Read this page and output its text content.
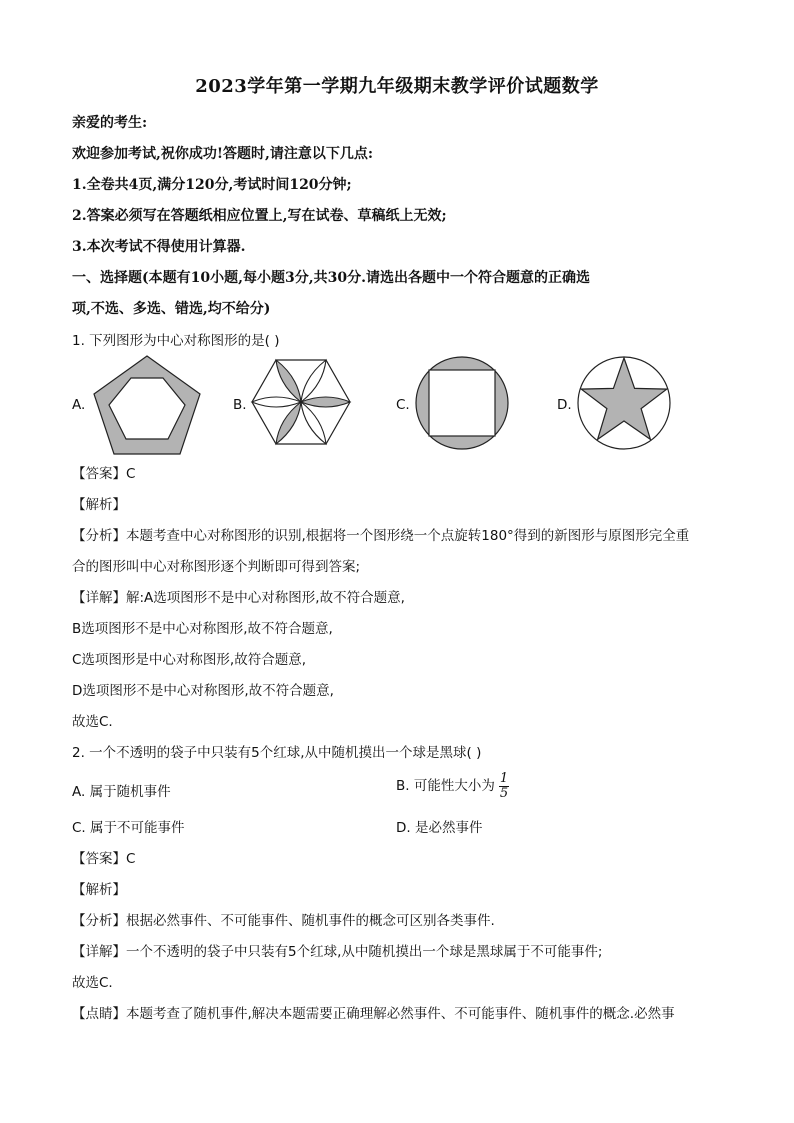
2023学年第一学期九年级期末教学评价试题数学
亲爱的考生:
欢迎参加考试,祝你成功!答题时,请注意以下几点:
1.全卷共4页,满分120分,考试时间120分钟;
2.答案必须写在答题纸相应位置上,写在试卷、草稿纸上无效;
3.本次考试不得使用计算器.
一、选择题(本题有10小题,每小题3分,共30分.请选出各题中一个符合题意的正确选
项,不选、多选、错选,均不给分)
1. 下列图形为中心对称图形的是( )
A.	B.	C.	D.
【答案】C
【解析】
【分析】本题考查中心对称图形的识别,根据将一个图形绕一个点旋转180°得到的新图形与原图形完全重
合的图形叫中心对称图形逐个判断即可得到答案;
【详解】解:A选项图形不是中心对称图形,故不符合题意,
B选项图形不是中心对称图形,故不符合题意,
C选项图形是中心对称图形,故符合题意,
D选项图形不是中心对称图形,故不符合题意,
故选C.
2. 一个不透明的袋子中只装有5个红球,从中随机摸出一个球是黑球( )
A. 属于随机事件	B. 可能性大小为 $\frac{1}{5}$
C. 属于不可能事件	D. 是必然事件
【答案】C
【解析】
【分析】根据必然事件、不可能事件、随机事件的概念可区别各类事件.
【详解】一个不透明的袋子中只装有5个红球,从中随机摸出一个球是黑球属于不可能事件;
故选C.
【点睛】本题考查了随机事件,解决本题需要正确理解必然事件、不可能事件、随机事件的概念.必然事
